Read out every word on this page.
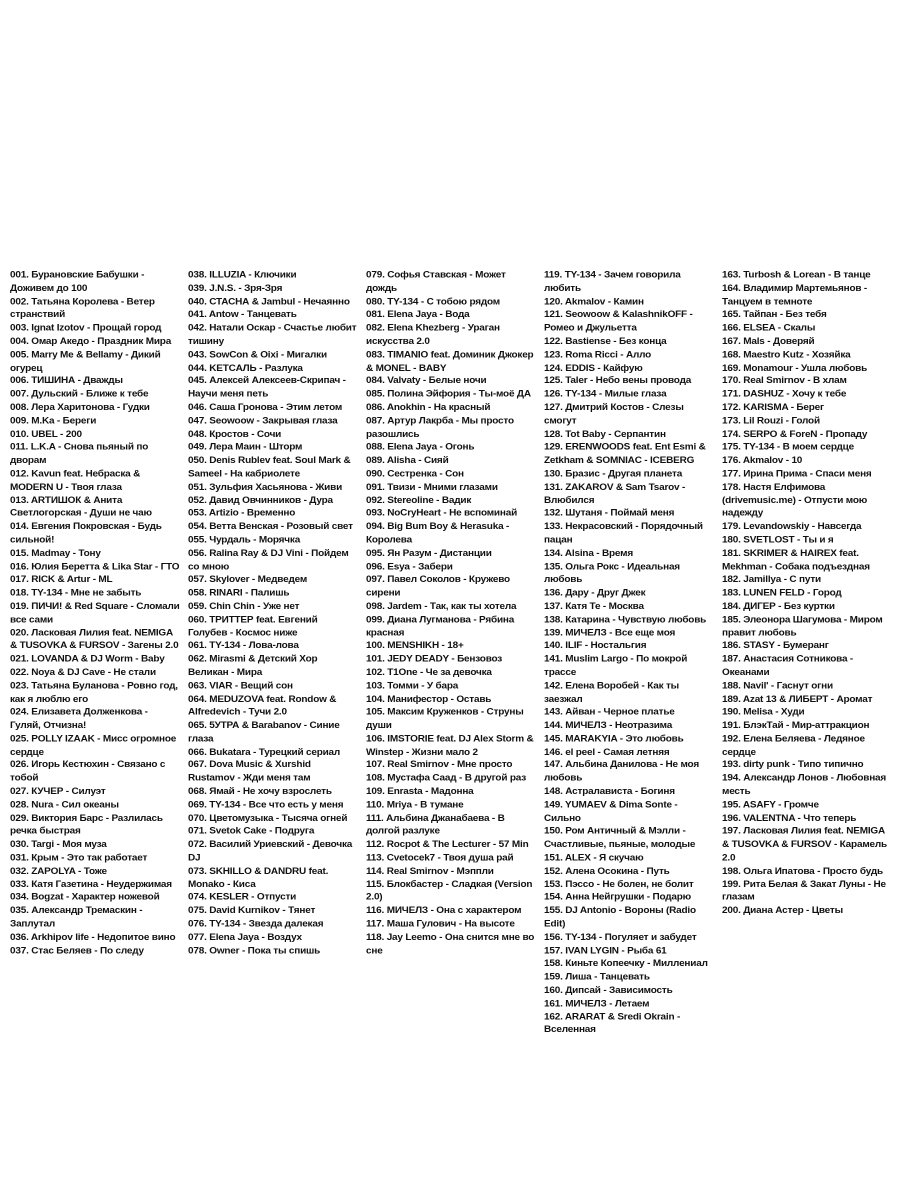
001. Бурановские Бабушки - Доживем до 100

002. Татьяна Королева - Ветер странствий

003. Ignat Izotov - Прощай город

004. Омар Акедо - Праздник Мира

005. Marry Me & Bellamy - Дикий огурец

006. ТИШИНА - Дважды

007. Дульский - Ближе к тебе

008. Лера Харитонова - Гудки

009. M.Ka - Береги

010. UBEL - 200

011. L.K.A - Снова пьяный по дворам

012. Kavun feat. Небраска & MODERN U - Твоя глаза

013. ARTИШОК & Анита Светлогорская - Души не чаю

014. Евгения Покровская - Будь сильной!

015. Madmay - Тону

016. Юлия Беретта & Lika Star - ГТО

017. RICK & Artur - ML

018. TY-134 - Мне не забыть

019. ПИЧИ! & Red Square - Сломали все сами

020. Ласковая Лилия feat. NEMIGA & TUSOVKA & FURSOV - Загены 2.0

021. LOVANDA & DJ Worm - Baby

022. Noya & DJ Cave - Не стали

023. Татьяна Буланова - Ровно год, как я люблю его

024. Елизавета Долженкова - Гуляй, Отчизна!

025. POLLY IZAAK - Мисс огромное сердце

026. Игорь Кестюхин - Связано с тобой

027. КУЧЕР - Силуэт

028. Nura - Сил океаны

029. Виктория Барс - Разлилась речка быстрая

030. Targi - Моя муза

031. Крым - Это так работает

032. ZAPOLYA - Тоже

033. Катя Газетина - Неудержимая

034. Bogzat - Характер ножевой

035. Александр Тремаскин - Заплутал

036. Arkhipov life - Недопитое вино

037. Стас Беляев - По следу

038. ILLUZIA - Ключики

039. J.N.S. - Зря-Зря

040. СТАСНА & Jambul - Нечаянно

041. Antow - Танцевать

042. Натали Оскар - Счастье любит тишину

043. SowCon & Oixi - Мигалки

044. KETCAЛЬ - Разлука

045. Алексей Алексеев-Скрипач - Научи меня петь

046. Саша Гронова - Этим летом

047. Seowoow - Закрывая глаза

048. Кростов - Сочи

049. Лера Маин - Шторм

050. Denis Rublev feat. Soul Mark & Sameel - На кабриолете

051. Зульфия Хасьянова - Живи

052. Давид Овчинников - Дура

053. Artizio - Временно

054. Ветта Венская - Розовый свет

055. Чурдаль - Морячка

056. Ralina Ray & DJ Vini - Пойдем со мною

057. Skylover - Медведем

058. RINARI - Палишь

059. Chin Chin - Уже нет

060. ТРИТТЕР feat. Евгений Голубев - Космос ниже

061. TY-134 - Лова-лова

062. Mirasmi & Детский Хор Великан - Мира

063. VIAR - Вещий сон

064. MEDUZOVA feat. Rondow & Alfredevich - Тучи 2.0

065. 5УТРА & Barabanov - Синие глаза

066. Bukatara - Турецкий сериал

067. Dova Music & Xurshid Rustamov - Жди меня там

068. Ямай - Не хочу взрослеть

069. TY-134 - Все что есть у меня

070. Цветомузыка - Тысяча огней

071. Svetok Cake - Подруга

072. Василий Уриевский - Девочка DJ

073. SKHILLO & DANDRU feat. Monako - Киса

074. KESLER - Отпусти

075. David Kurnikov - Тянет

076. TY-134 - Звезда далекая

077. Elena Jaya - Воздух

078. Owner - Пока ты спишь

079. Софья Ставская - Может дождь

080. TY-134 - С тобою рядом

081. Elena Jaya - Вода

082. Elena Khezberg - Ураган искусства 2.0

083. TIMANIO feat. Доминик Джокер & MONEL - BABY

084. Valvaty - Белые ночи

085. Полина Эйфория - Ты-моё ДА

086. Anokhin - На красный

087. Артур Лакрба - Мы просто разошлись

088. Elena Jaya - Огонь

089. Alisha - Сияй

090. Сестренка - Сон

091. Твизи - Мними глазами

092. Stereoline - Вадик

093. NoCryHeart - Не вспоминай

094. Big Bum Boy & Нerasuka - Королева

095. Ян Разум - Дистанции

096. Esya - Забери

097. Павел Соколов - Кружево сирени

098. Jardem - Так, как ты хотела

099. Диана Лугманова - Рябина красная

100. MENSHIKH - 18+

101. JEDY DEADY - Бензовоз

102. T1One - Че за девочка

103. Томми - У бара

104. Манифестор - Оставь

105. Максим Круженков - Струны души

106. IMSTORIE feat. DJ Alex Storm & Winstep - Жизни мало 2

107. Real Smirnov - Мне просто

108. Мустафа Саад - В другой раз

109. Enrasta - Мадонна

110. Mriya - В тумане

111. Альбина Джанабаева - В долгой разлуке

112. Rocpot & The Lecturer - 57 Min

113. Cvetocek7 - Твоя душа рай

114. Real Smirnov - Мэппли

115. Блокбастер - Сладкая (Version 2.0)

116. МИЧЕЛЗ - Она с характером

117. Маша Гулович - На высоте

118. Jay Leemo - Она снится мне во сне

119. TY-134 - Зачем говорила любить

120. Akmalov - Камин

121. Seowoow & KalashnikOFF - Ромео и Джульетта

122. Bastiense - Без конца

123. Roma Ricci - Алло

124. EDDIS - Кайфую

125. Taler - Небо вены провода

126. TY-134 - Милые глаза

127. Дмитрий Костов - Слезы смогут

128. Tot Baby - Серпантин

129. ERENWOODS feat. Ent Esmi & Zetkham & SOMNIAC - ICEBERG

130. Бразис - Другая планета

131. ZAKAROV & Sam Tsarov - Влюбился

132. Шутаня - Поймай меня

133. Некрасовский - Порядочный пацан

134. Alsina - Время

135. Ольга Рокс - Идеальная любовь

136. Дару - Друг Джек

137. Катя Те - Москва

138. Катарина - Чувствую любовь

139. МИЧЕЛЗ - Все еще моя

140. ILIF - Ностальгия

141. Muslim Largo - По мокрой трассе

142. Елена Воробей - Как ты заезжал

143. Айван - Черное платье

144. МИЧЕЛЗ - Неотразима

145. MARAKYIA - Это любовь

146. el peel - Самая летняя

147. Альбина Данилова - Не моя любовь

148. Астралависта - Богиня

149. YUMAEV & Dima Sonte - Сильно

150. Ром Античный & Мэлли - Счастливые, пьяные, молодые

151. ALEX - Я скучаю

152. Алена Осокина - Путь

153. Пэссо - Не болен, не болит

154. Анна Нейгрушки - Подарю

155. DJ Antonio - Вороны (Radio Edit)

156. TY-134 - Погуляет и забудет

157. IVAN LYGIN - Рыба 61

158. Киньте Копеечку - Миллениал

159. Лиша - Танцевать

160. Дипсай - Зависимость

161. МИЧЕЛЗ - Летаем

162. ARARAT & Sredi Okrain - Вселенная

163. Turbosh & Lorean - В танце

164. Владимир Мартемьянов - Танцуем в темноте

165. Тайпан - Без тебя

166. ELSEA - Скалы

167. Mals - Доверяй

168. Maestro Kutz - Хозяйка

169. Monamour - Ушла любовь

170. Real Smirnov - В хлам

171. DASHUZ - Хочу к тебе

172. KARISMA - Берег

173. Lil Rouzi - Голой

174. SERPO & ForeN - Пропаду

175. TY-134 - В моем сердце

176. Akmalov - 10

177. Ирина Прима - Спаси меня

178. Настя Елфимова (drivemusic.me) - Отпусти мою надежду

179. Levandowskiy - Навсегда

180. SVETLOST - Ты и я

181. SKRIMER & HAIREX feat. Mekhman - Собака подъездная

182. Jamillya - С пути

183. LUNEN FELD - Город

184. ДИГЕР - Без куртки

185. Элеонора Шагумова - Миром правит любовь

186. STASY - Бумеранг

187. Анастасия Сотникова - Океанами

188. Navil' - Гаснут огни

189. Azat 13 & ЛИБЕРТ - Аромат

190. Melisa - Худи

191. БлэкТай - Мир-аттракцион

192. Елена Беляева - Ледяное сердце

193. dirty punk - Типо типично

194. Александр Лонов - Любовная месть

195. ASAFY - Громче

196. VALENTNA - Что теперь

197. Ласковая Лилия feat. NEMIGA & TUSOVKA & FURSOV - Карамель 2.0

198. Ольга Ипатова - Просто будь

199. Рита Белая & Закат Луны - Не глазам

200. Диана Астер - Цветы
